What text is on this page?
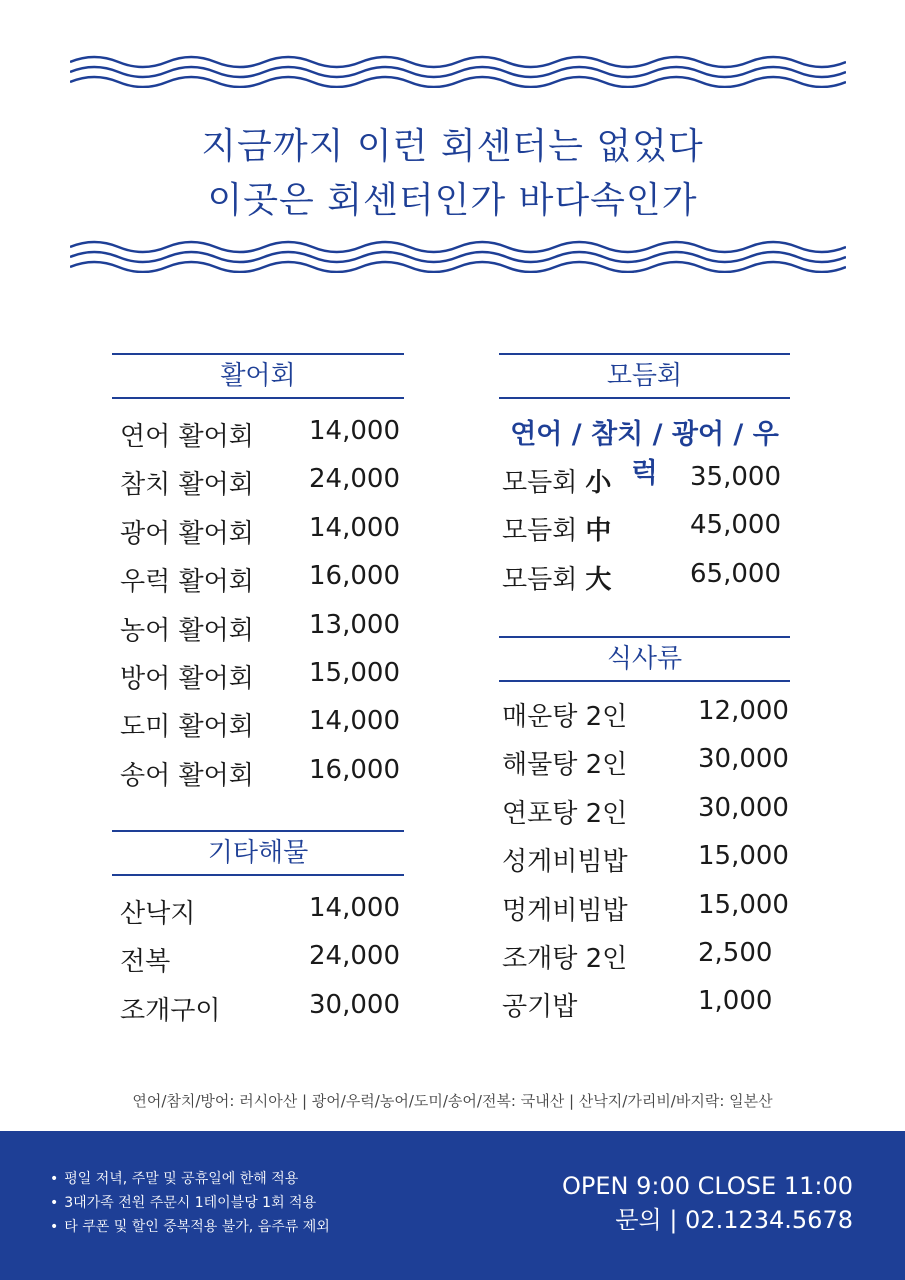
지금까지 이런 회센터는 없었다
이곳은 회센터인가 바다속인가
활어회
연어 활어회 14,000
참치 활어회 24,000
광어 활어회 14,000
우럭 활어회 16,000
농어 활어회 13,000
방어 활어회 15,000
도미 활어회 14,000
송어 활어회 16,000
기타해물
산낙지	14,000
전복	24,000
조개구이	30,000
모듬회
연어 / 참치 / 광어 / 우럭
모듬회 小	35,000
모듬회 中	45,000
모듬회 大	65,000
식사류
매운탕 2인	12,000
해물탕 2인	30,000
연포탕 2인	30,000
성게비빔밥	15,000
멍게비빔밥	15,000
조개탕 2인	2,500
공기밥	1,000
연어/참치/방어: 러시아산 | 광어/우럭/농어/도미/송어/전복: 국내산 | 산낙지/가리비/바지락: 일본산
• 평일 저녁, 주말 및 공휴일에 한해 적용
• 3대가족 전원 주문시 1테이블당 1회 적용
• 타 쿠폰 및 할인 중복적용 불가, 음주류 제외
OPEN 9:00 CLOSE 11:00
문의 | 02.1234.5678
